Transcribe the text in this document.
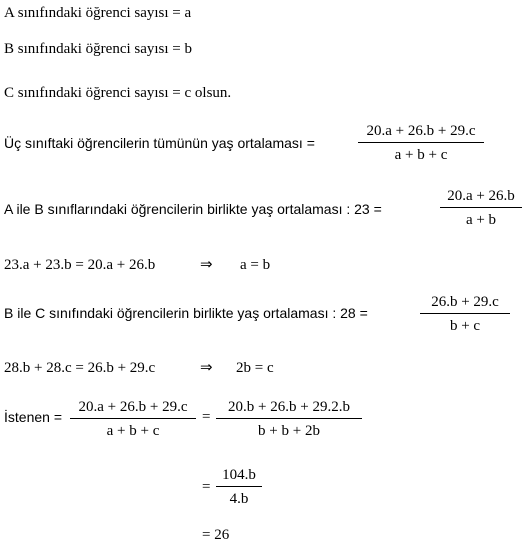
A sınıfındaki öğrenci sayısı = a
B sınıfındaki öğrenci sayısı = b
C sınıfındaki öğrenci sayısı = c olsun.
Üç sınıftaki öğrencilerin tümünün yaş ortalaması =
20.a + 26.b + 29.c
a + b + c
A ile B sınıflarındaki öğrencilerin birlikte yaş ortalaması : 23 =
20.a + 26.b
a + b
23.a + 23.b = 20.a + 26.b	⇒ a = b
B ile C sınıfındaki öğrencilerin birlikte yaş ortalaması : 28 =
26.b + 29.c
b + c
28.b + 28.c = 26.b + 29.c	⇒ 2b = c
İstenen =
20.a + 26.b + 29.c
a + b + c
=
20.b + 26.b + 29.2.b
b + b + 2b
=
104.b
4.b
= 26
